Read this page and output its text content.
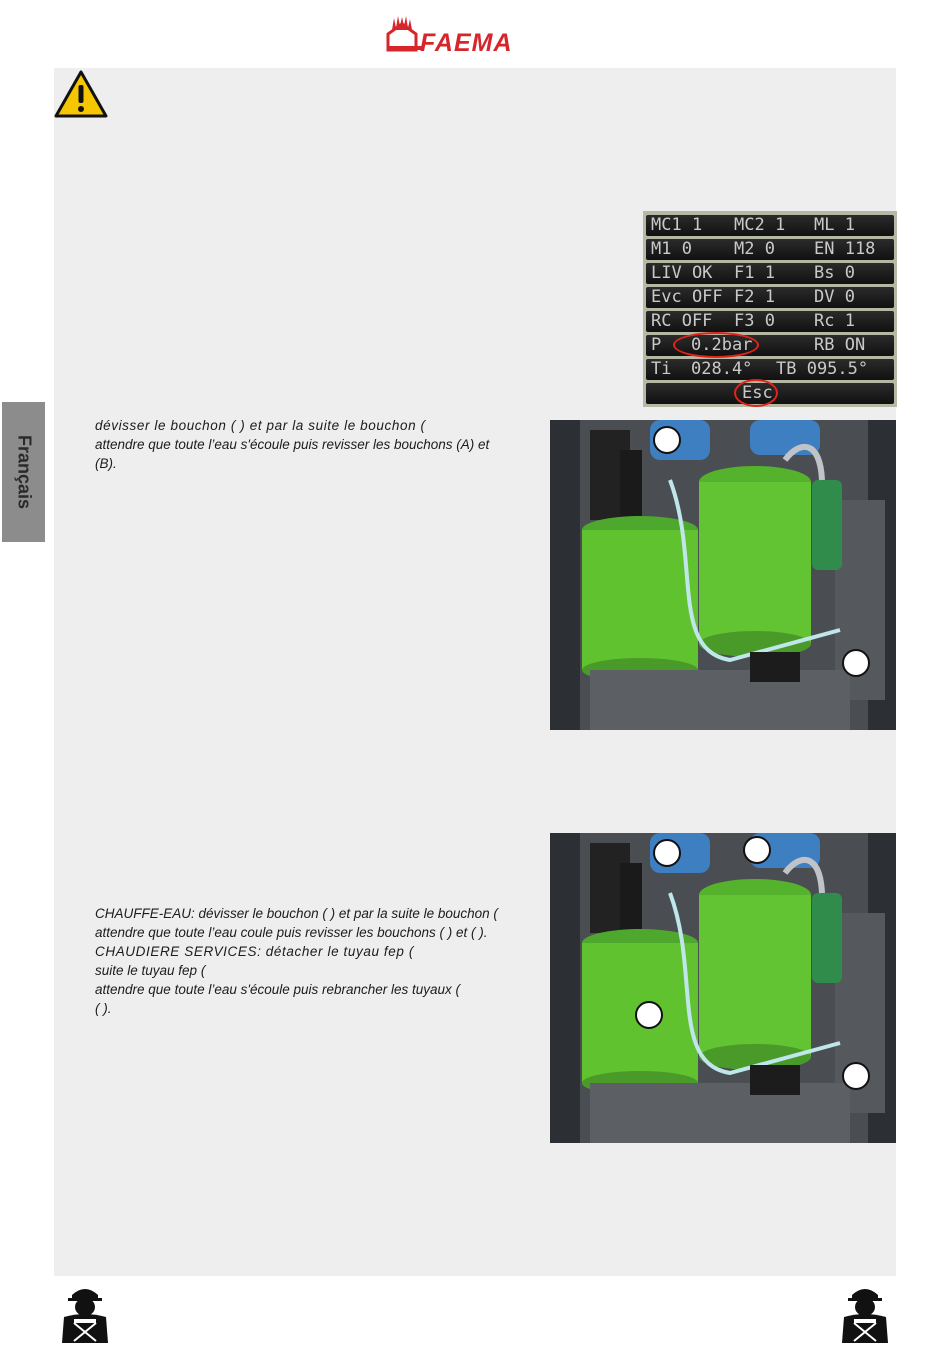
FAEMA
Français
MC1 1 MC2 1 ML 1
M1 0 M2 0 EN 118
LIV OK F1 1 Bs 0
Evc OFF F2 1 DV 0
RC OFF F3 0 Rc 1
P 0.2bar	RB ON
Ti 028.4° TB 095.5°
Esc
dévisser le bouchon ( ) et par la suite le bouchon (
attendre que toute l’eau s'écoule puis revisser les bouchons (A) et
(B).
CHAUFFE-EAU: dévisser le bouchon ( ) et par la suite le bouchon (
attendre que toute l’eau coule puis revisser les bouchons ( ) et ( ).
CHAUDIERE SERVICES: détacher le tuyau fep (
suite le tuyau fep (
attendre que toute l’eau s'écoule puis rebrancher les tuyaux (
( ).
